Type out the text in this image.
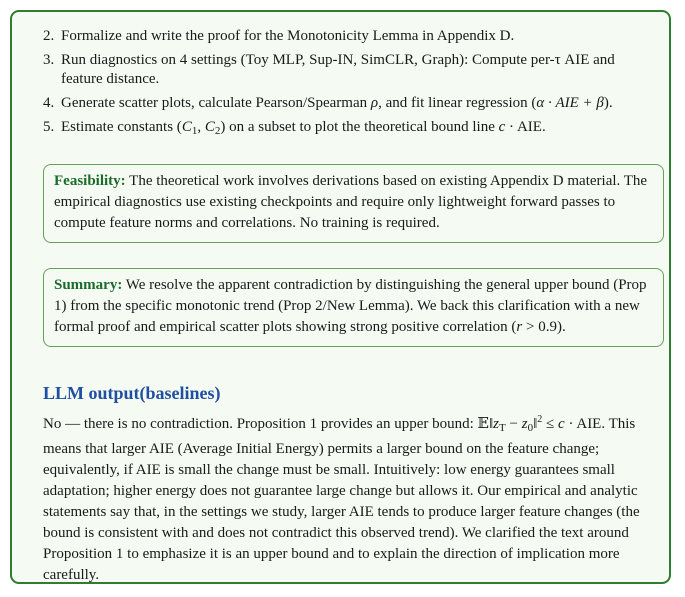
2. Formalize and write the proof for the Monotonicity Lemma in Appendix D.
3. Run diagnostics on 4 settings (Toy MLP, Sup-IN, SimCLR, Graph): Compute per-τ AIE and feature distance.
4. Generate scatter plots, calculate Pearson/Spearman ρ, and fit linear regression (α · AIE + β).
5. Estimate constants ($C_1$, $C_2$) on a subset to plot the theoretical bound line c · AIE.
Feasibility: The theoretical work involves derivations based on existing Appendix D material. The empirical diagnostics use existing checkpoints and require only lightweight forward passes to compute feature norms and correlations. No training is required.
Summary: We resolve the apparent contradiction by distinguishing the general upper bound (Prop 1) from the specific monotonic trend (Prop 2/New Lemma). We back this clarification with a new formal proof and empirical scatter plots showing strong positive correlation (r > 0.9).
LLM output(baselines)
No — there is no contradiction. Proposition 1 provides an upper bound: $𝔼‖z_T$ − $z_0‖^2 \le c$ · AIE. This means that larger AIE (Average Initial Energy) permits a larger bound on the feature change; equivalently, if AIE is small the change must be small. Intuitively: low energy guarantees small adaptation; higher energy does not guarantee large change but allows it. Our empirical and analytic statements say that, in the settings we study, larger AIE tends to produce larger feature changes (the bound is consistent with and does not contradict this observed trend). We clarified the text around Proposition 1 to emphasize it is an upper bound and to explain the direction of implication more carefully.
